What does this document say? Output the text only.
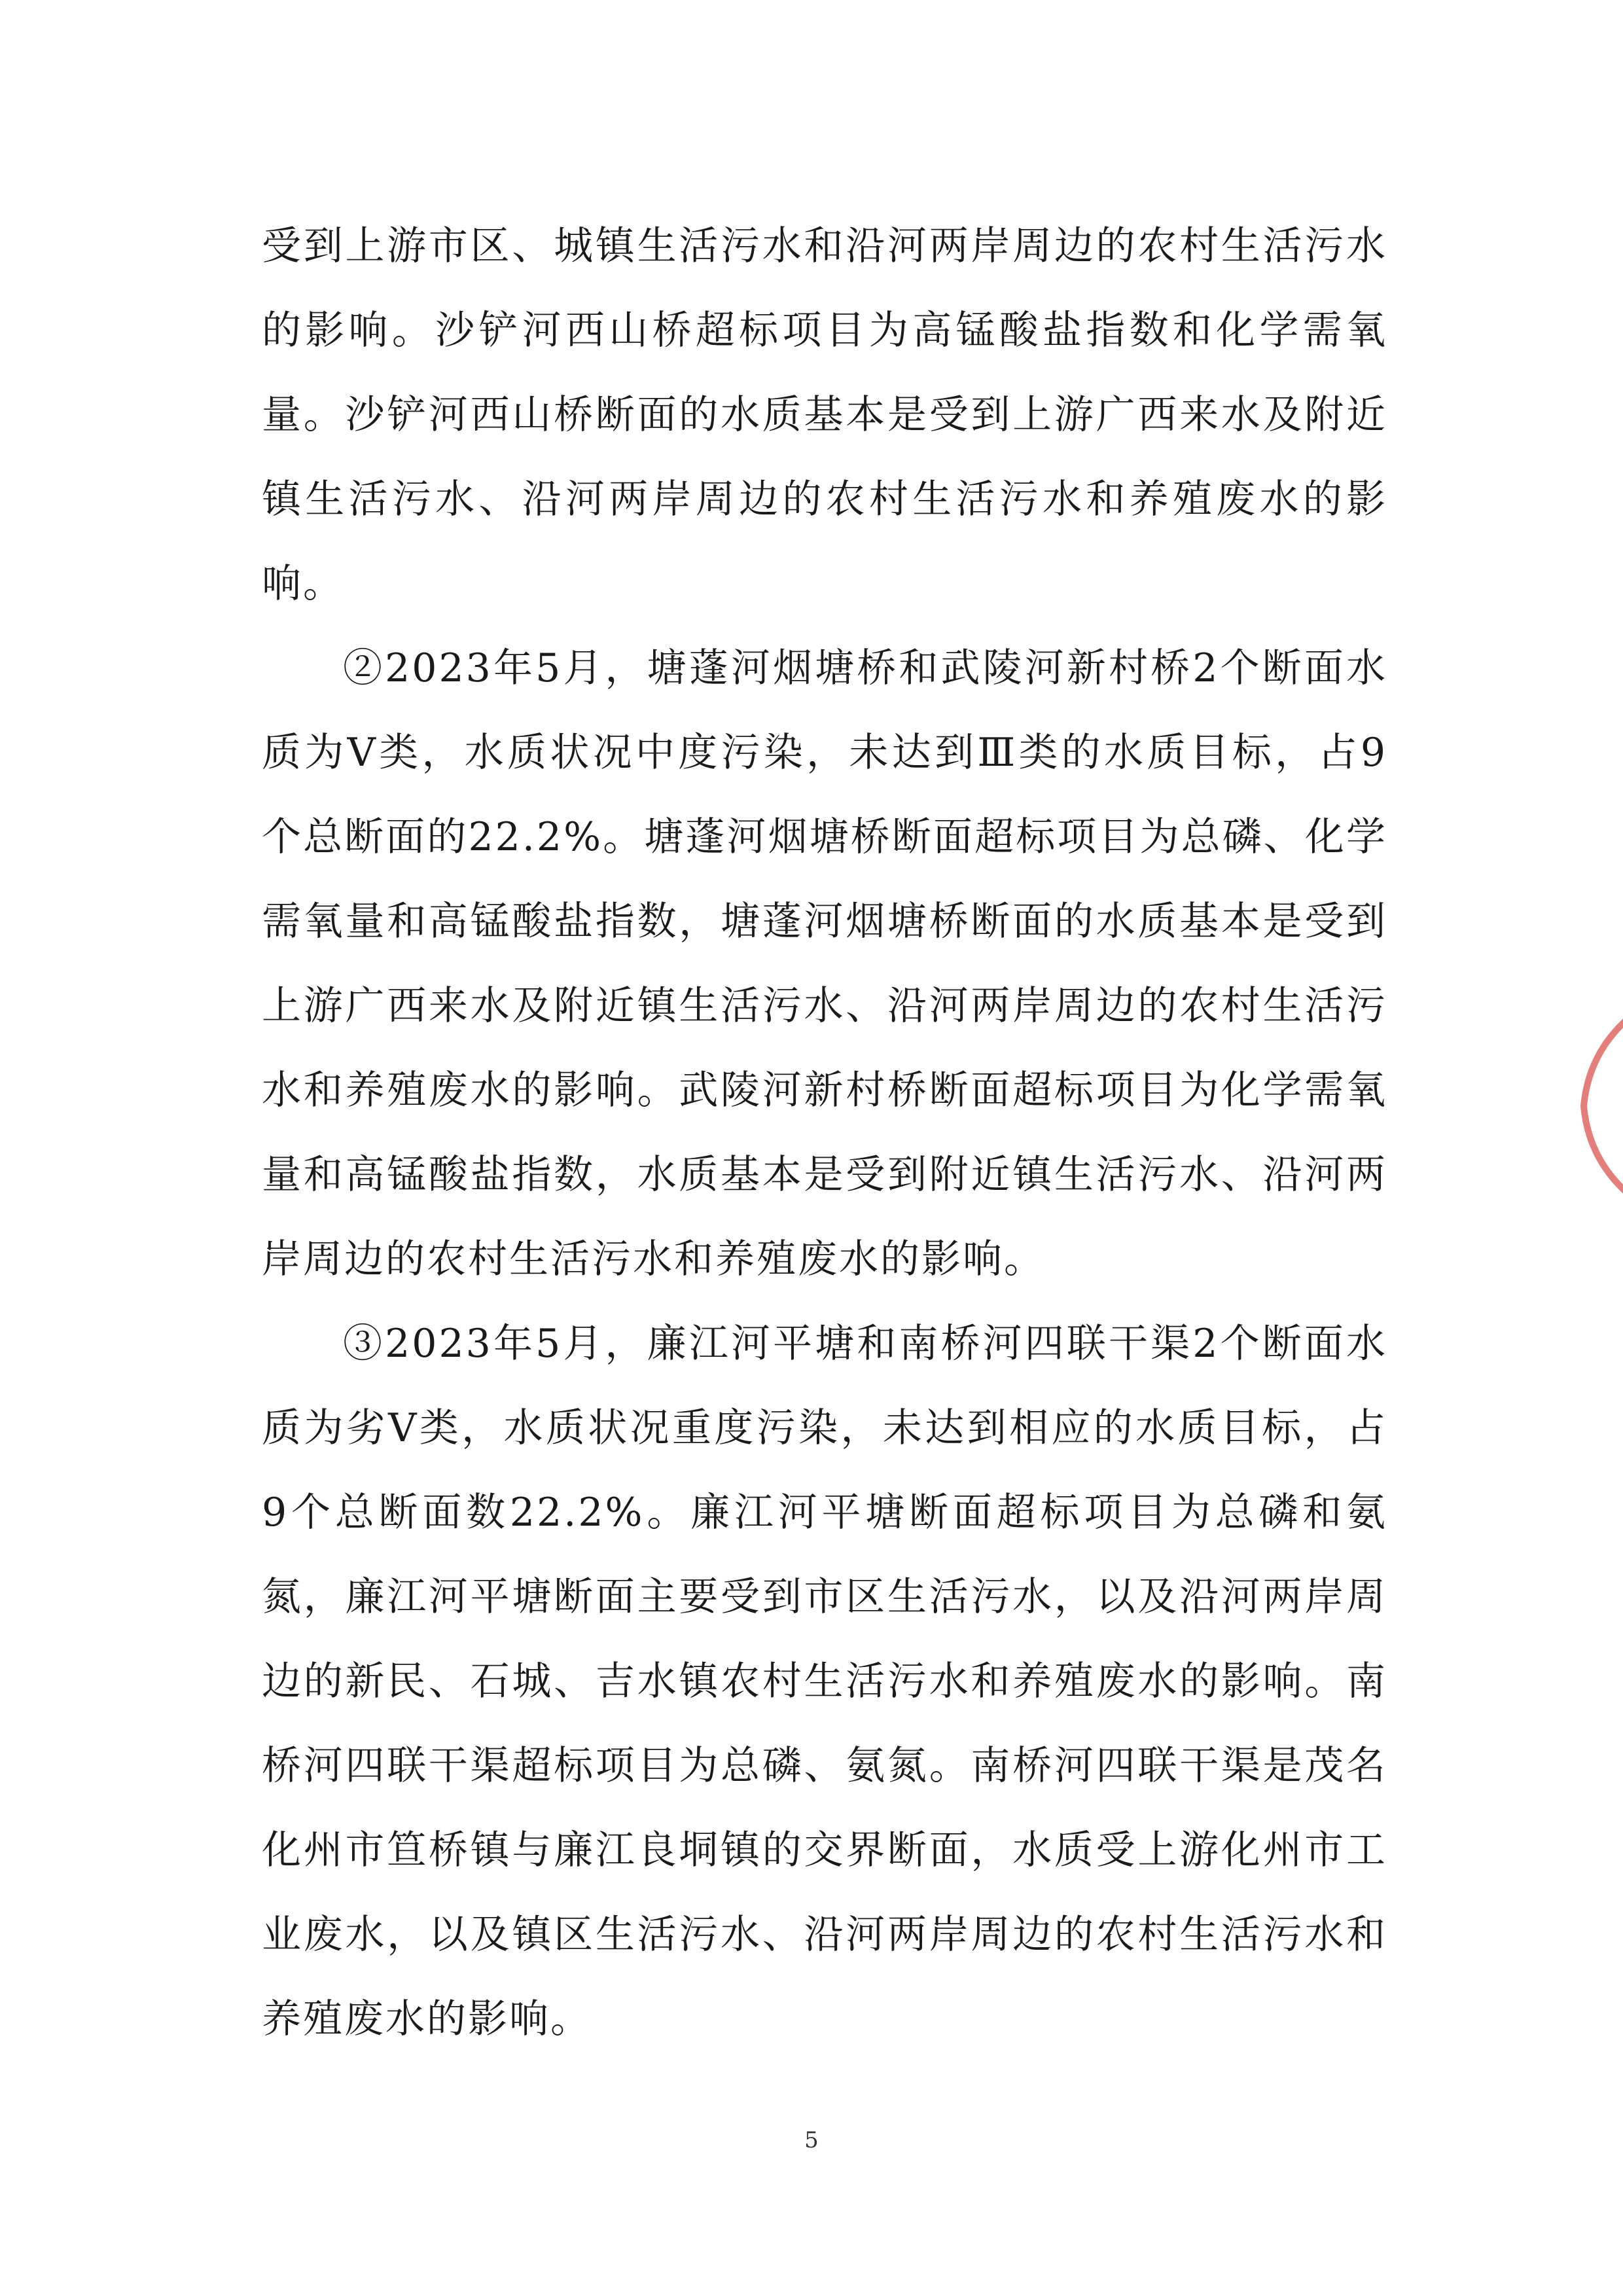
受到上游市区、城镇生活污水和沿河两岸周边的农村生活污水的影响。沙铲河西山桥超标项目为高锰酸盐指数和化学需氧量。沙铲河西山桥断面的水质基本是受到上游广西来水及附近镇生活污水、沿河两岸周边的农村生活污水和养殖废水的影响。

②2023年5月，塘蓬河烟塘桥和武陵河新村桥2个断面水质为Ⅴ类，水质状况中度污染，未达到Ⅲ类的水质目标，占9个总断面的22.2%。塘蓬河烟塘桥断面超标项目为总磷、化学需氧量和高锰酸盐指数，塘蓬河烟塘桥断面的水质基本是受到上游广西来水及附近镇生活污水、沿河两岸周边的农村生活污水和养殖废水的影响。武陵河新村桥断面超标项目为化学需氧量和高锰酸盐指数，水质基本是受到附近镇生活污水、沿河两岸周边的农村生活污水和养殖废水的影响。

③2023年5月，廉江河平塘和南桥河四联干渠2个断面水质为劣Ⅴ类，水质状况重度污染，未达到相应的水质目标，占9个总断面数22.2%。廉江河平塘断面超标项目为总磷和氨氮，廉江河平塘断面主要受到市区生活污水，以及沿河两岸周边的新民、石城、吉水镇农村生活污水和养殖废水的影响。南桥河四联干渠超标项目为总磷、氨氮。南桥河四联干渠是茂名化州市笪桥镇与廉江良垌镇的交界断面，水质受上游化州市工业废水，以及镇区生活污水、沿河两岸周边的农村生活污水和养殖废水的影响。

5
